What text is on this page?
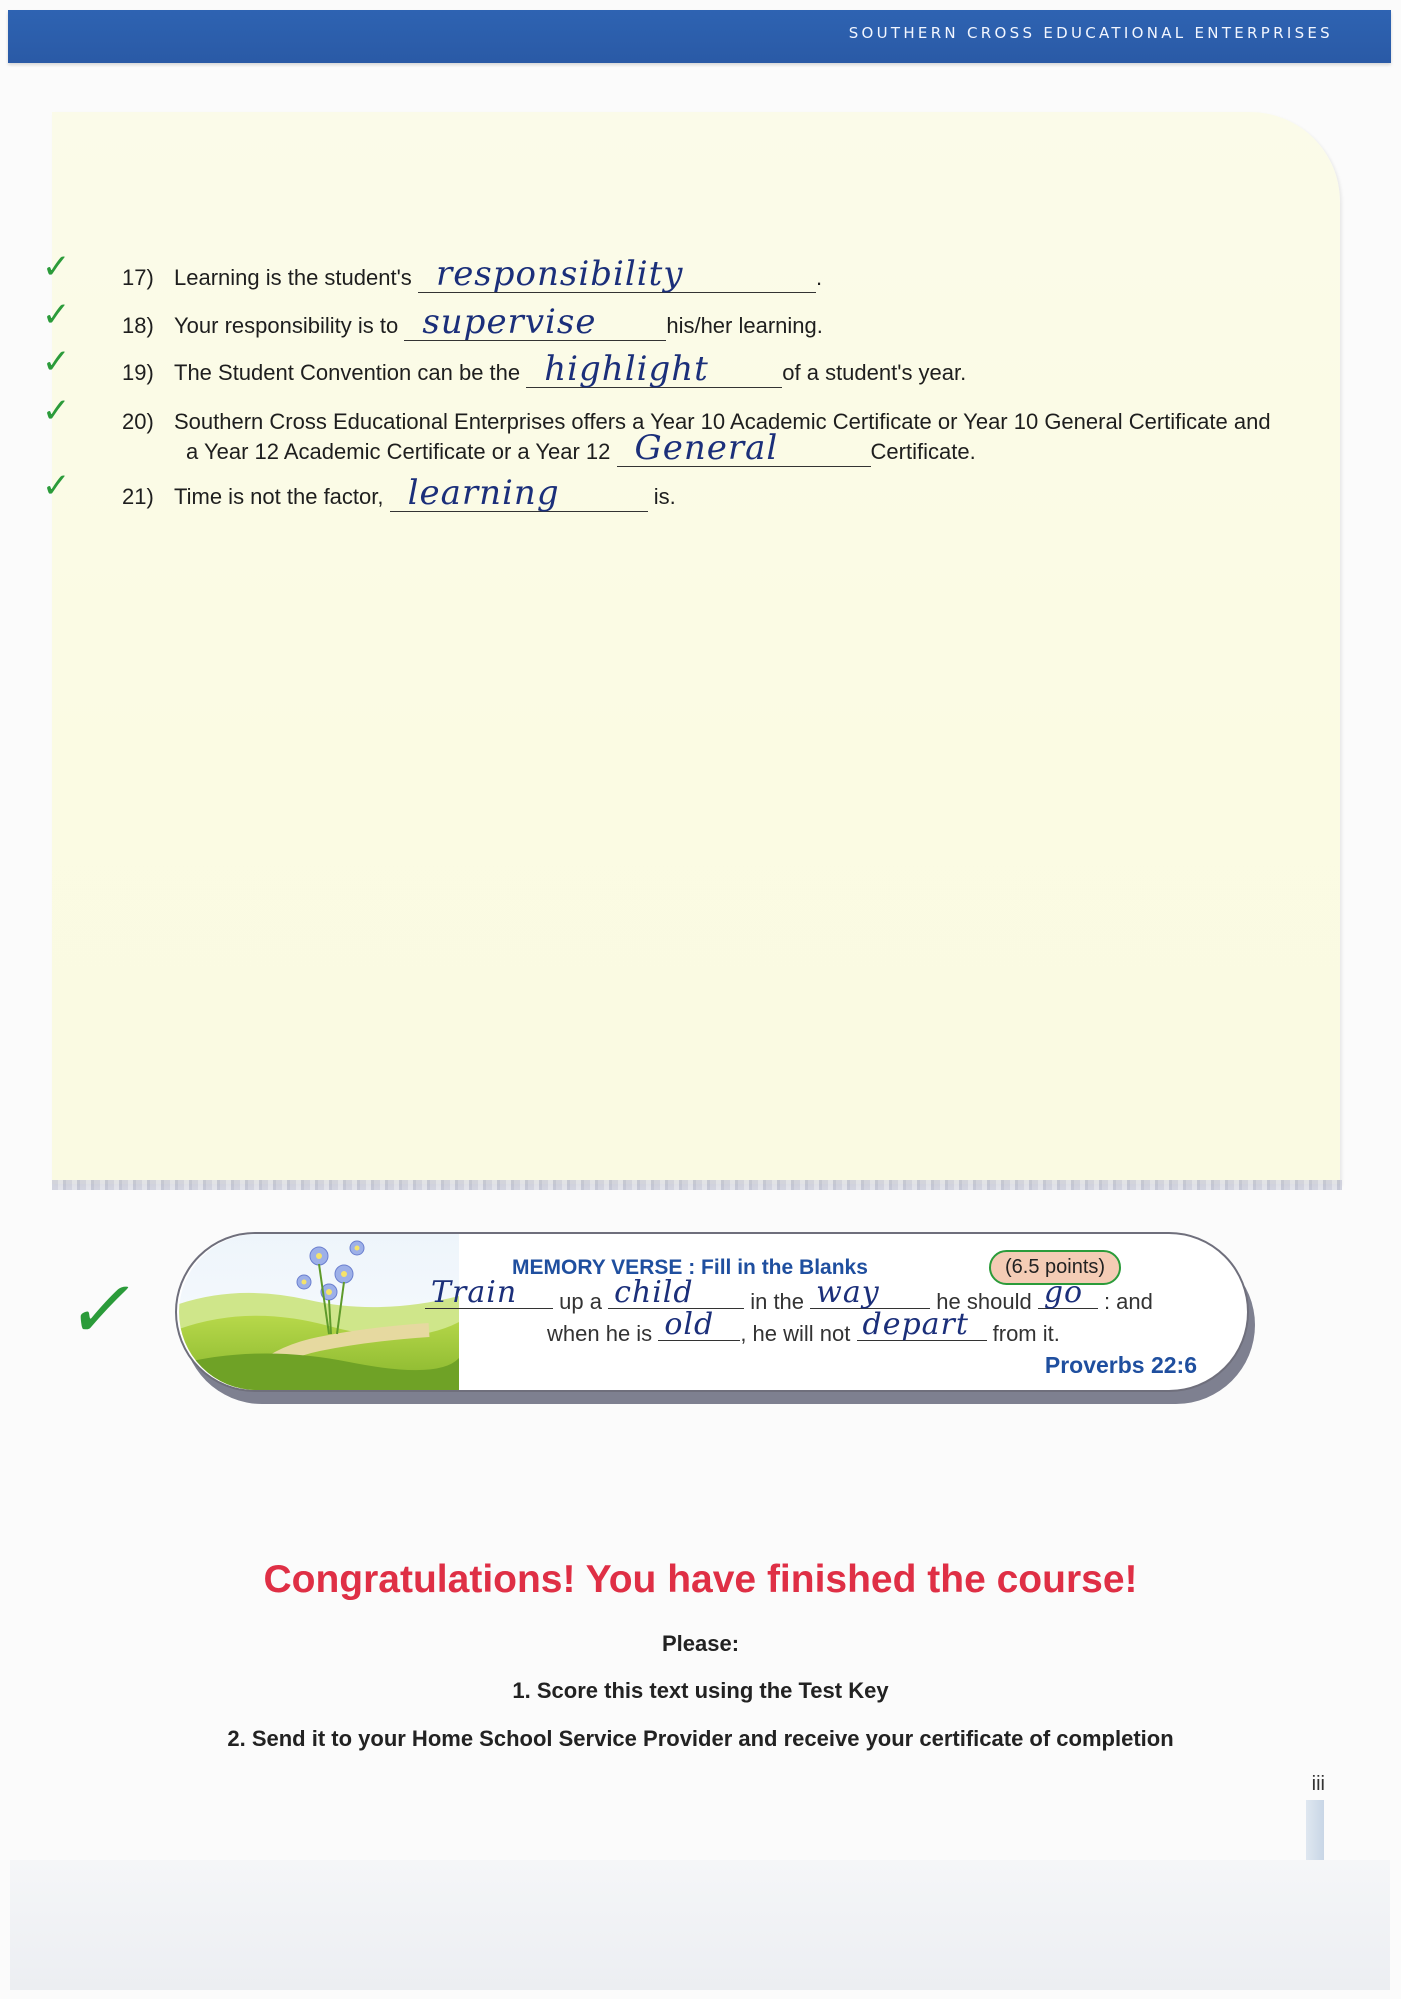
SOUTHERN CROSS EDUCATIONAL ENTERPRISES
✓ 17) Learning is the student's responsibility	.
✓ 18) Your responsibility is to supervise	his/her learning.
✓ 19) The Student Convention can be the highlight	of a student's year.
✓ 20) Southern Cross Educational Enterprises offers a Year 10 Academic Certificate or Year 10 General Certificate and
a Year 12 Academic Certificate or a Year 12 General	Certificate.
✓ 21) Time is not the factor, learning	is.
✓	MEMORY VERSE : Fill in the Blanks	(6.5 points)
Train up a child	in the way	he should go : and
when he is old , he will not depart from it.
Proverbs 22:6
Congratulations! You have finished the course!
Please:
1. Score this text using the Test Key
2. Send it to your Home School Service Provider and receive your certificate of completion
iii
